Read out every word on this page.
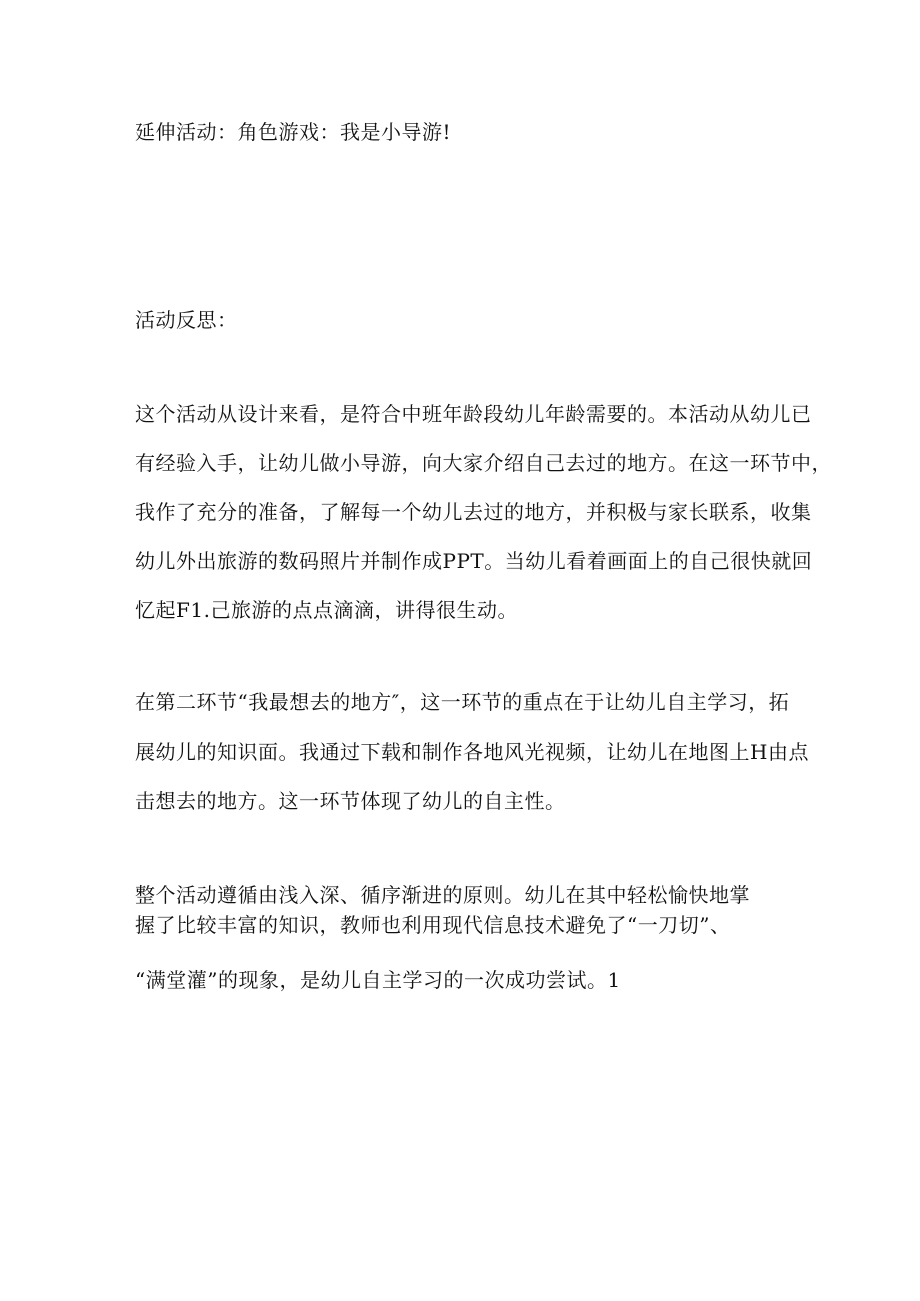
延伸活动：角色游戏：我是小导游!
活动反思：
这个活动从设计来看，是符合中班年龄段幼儿年龄需要的。本活动从幼儿已
有经验入手，让幼儿做小导游，向大家介绍自己去过的地方。在这一环节中，
我作了充分的准备，了解每一个幼儿去过的地方，并积极与家长联系，收集
幼儿外出旅游的数码照片并制作成PPT。当幼儿看着画面上的自己很快就回
忆起F1.己旅游的点点滴滴，讲得很生动。
在第二环节“我最想去的地方″，这一环节的重点在于让幼儿自主学习，拓
展幼儿的知识面。我通过下载和制作各地风光视频，让幼儿在地图上H由点
击想去的地方。这一环节体现了幼儿的自主性。
整个活动遵循由浅入深、循序渐进的原则。幼儿在其中轻松愉快地掌
握了比较丰富的知识，教师也利用现代信息技术避免了“一刀切”、
“满堂灌”的现象，是幼儿自主学习的一次成功尝试。1
